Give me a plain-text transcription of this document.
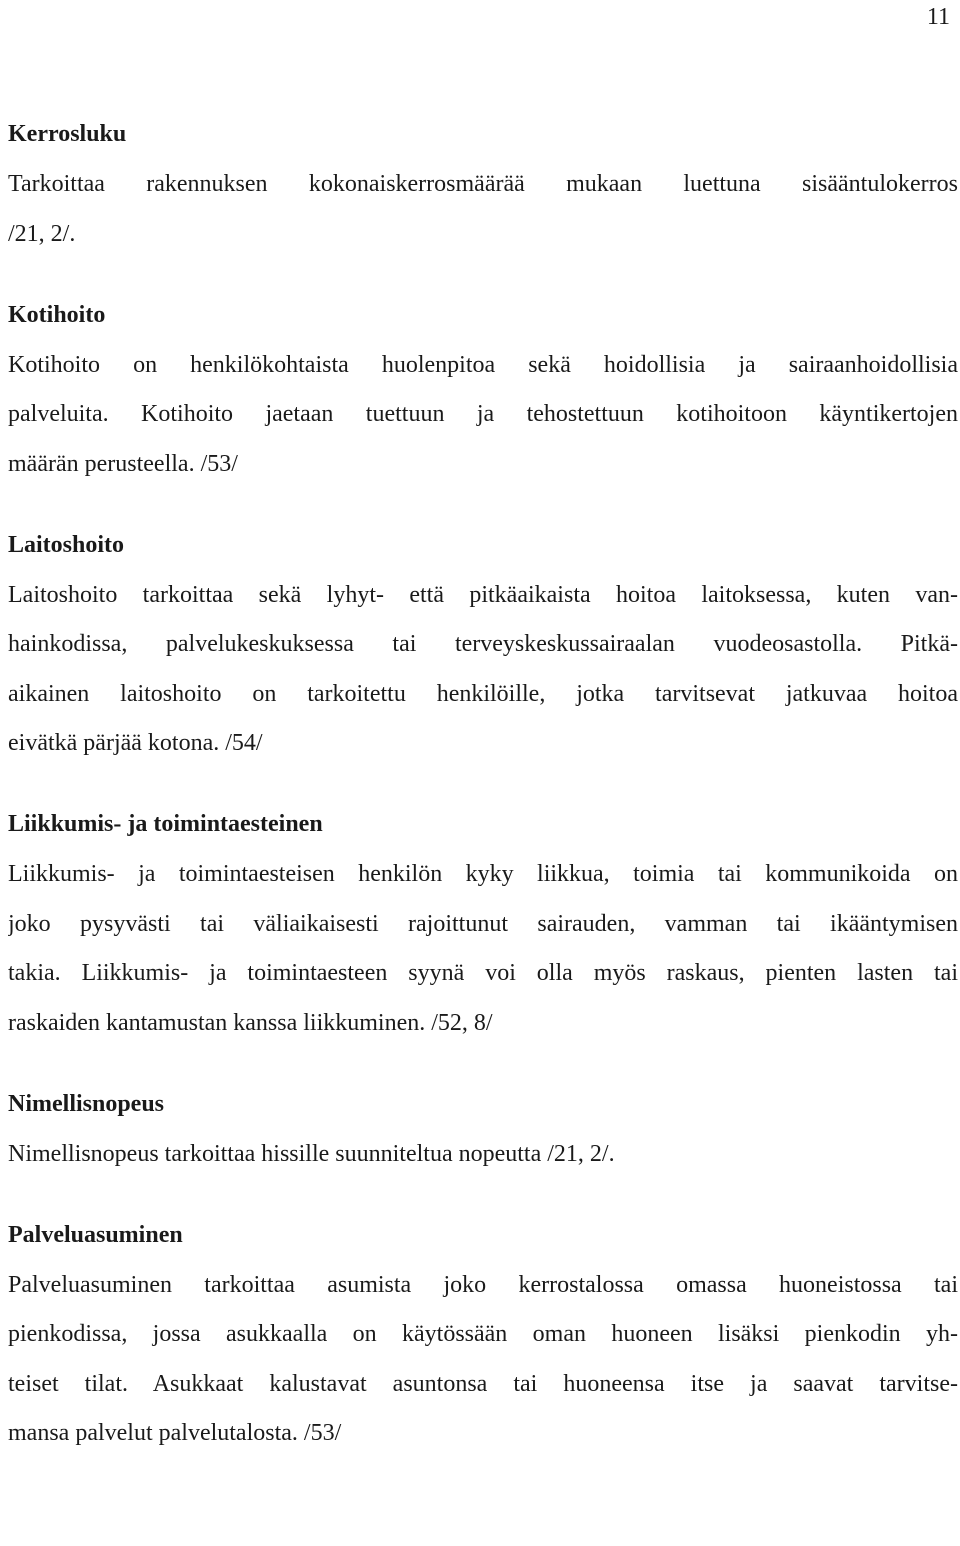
11
Kerrosluku
Tarkoittaa rakennuksen kokonaiskerrosmäärää mukaan luettuna sisääntulokerros
/21, 2/.
Kotihoito
Kotihoito on henkilökohtaista huolenpitoa sekä hoidollisia ja sairaanhoidollisia
palveluita. Kotihoito jaetaan tuettuun ja tehostettuun kotihoitoon käyntikertojen
määrän perusteella. /53/
Laitoshoito
Laitoshoito tarkoittaa sekä lyhyt- että pitkäaikaista hoitoa laitoksessa, kuten van-
hainkodissa, palvelukeskuksessa tai terveyskeskussairaalan vuodeosastolla. Pitkä-
aikainen laitoshoito on tarkoitettu henkilöille, jotka tarvitsevat jatkuvaa hoitoa
eivätkä pärjää kotona. /54/
Liikkumis- ja toimintaesteinen
Liikkumis- ja toimintaesteisen henkilön kyky liikkua, toimia tai kommunikoida on
joko pysyvästi tai väliaikaisesti rajoittunut sairauden, vamman tai ikääntymisen
takia. Liikkumis- ja toimintaesteen syynä voi olla myös raskaus, pienten lasten tai
raskaiden kantamustan kanssa liikkuminen. /52, 8/
Nimellisnopeus
Nimellisnopeus tarkoittaa hissille suunniteltua nopeutta /21, 2/.
Palveluasuminen
Palveluasuminen tarkoittaa asumista joko kerrostalossa omassa huoneistossa tai
pienkodissa, jossa asukkaalla on käytössään oman huoneen lisäksi pienkodin yh-
teiset tilat. Asukkaat kalustavat asuntonsa tai huoneensa itse ja saavat tarvitse-
mansa palvelut palvelutalosta. /53/
